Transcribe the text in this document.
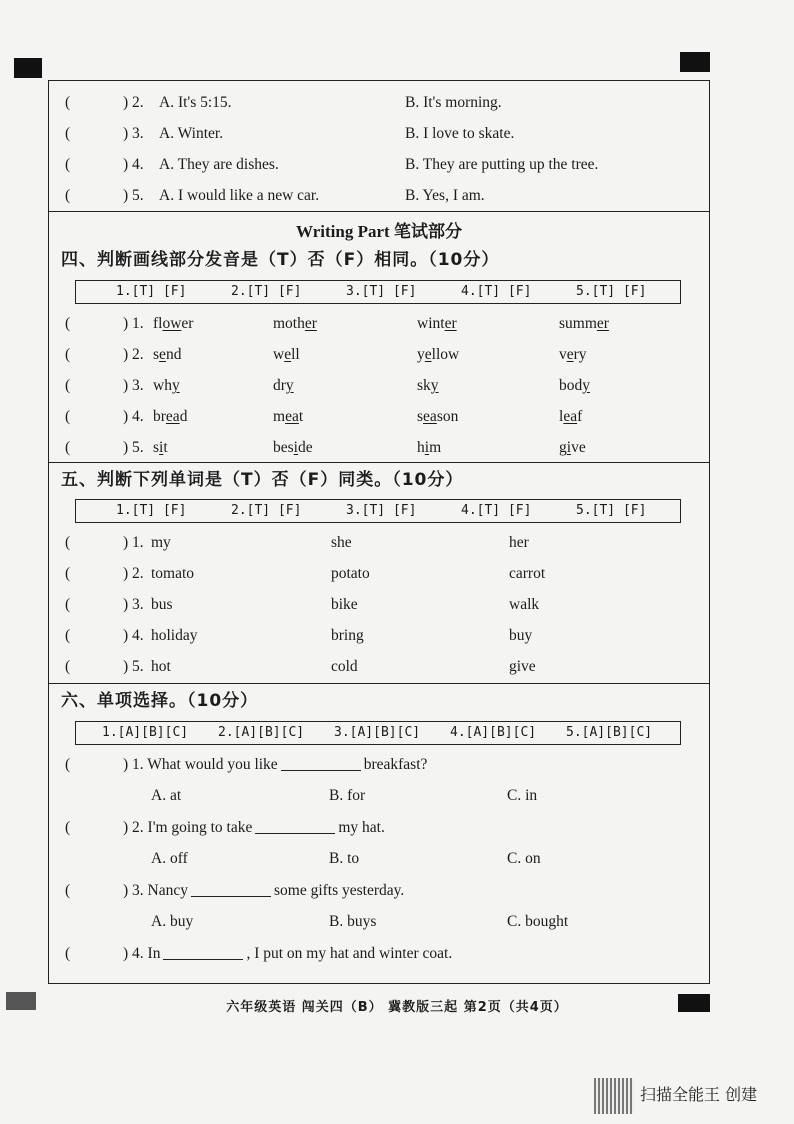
(	) 2. A. It's 5:15.	B. It's morning.
(	) 3. A. Winter.	B. I love to skate.
(	) 4. A. They are dishes.	B. They are putting up the tree.
(	) 5. A. I would like a new car.	B. Yes, I am.
Writing Part 笔试部分
四、判断画线部分发音是（T）否（F）相同。（10分）
1.[T] [F]	2.[T] [F]	3.[T] [F]	4.[T] [F]	5.[T] [F]
(	) 1. flower	mother	winter	summer
(	) 2. send	well	yellow	very
(	) 3. why	dry	sky	body
(	) 4. bread	meat	season	leaf
(	) 5. sit	beside	him	give
五、判断下列单词是（T）否（F）同类。（10分）
1.[T] [F]	2.[T] [F]	3.[T] [F]	4.[T] [F]	5.[T] [F]
(	) 1. my	she	her
(	) 2. tomato	potato	carrot
(	) 3. bus	bike	walk
(	) 4. holiday	bring	buy
(	) 5. hot	cold	give
六、单项选择。（10分）
1.[A][B][C] 2.[A][B][C] 3.[A][B][C] 4.[A][B][C] 5.[A][B][C]
(	) 1. What would you like	breakfast?
A. at	B. for	C. in
(	) 2. I'm going to take	my hat.
A. off	B. to	C. on
(	) 3. Nancy	some gifts yesterday.
A. buy	B. buys	C. bought
(	) 4. In	, I put on my hat and winter coat.
六年级英语 闯关四（B） 冀教版三起 第2页（共4页）
扫描全能王 创建
